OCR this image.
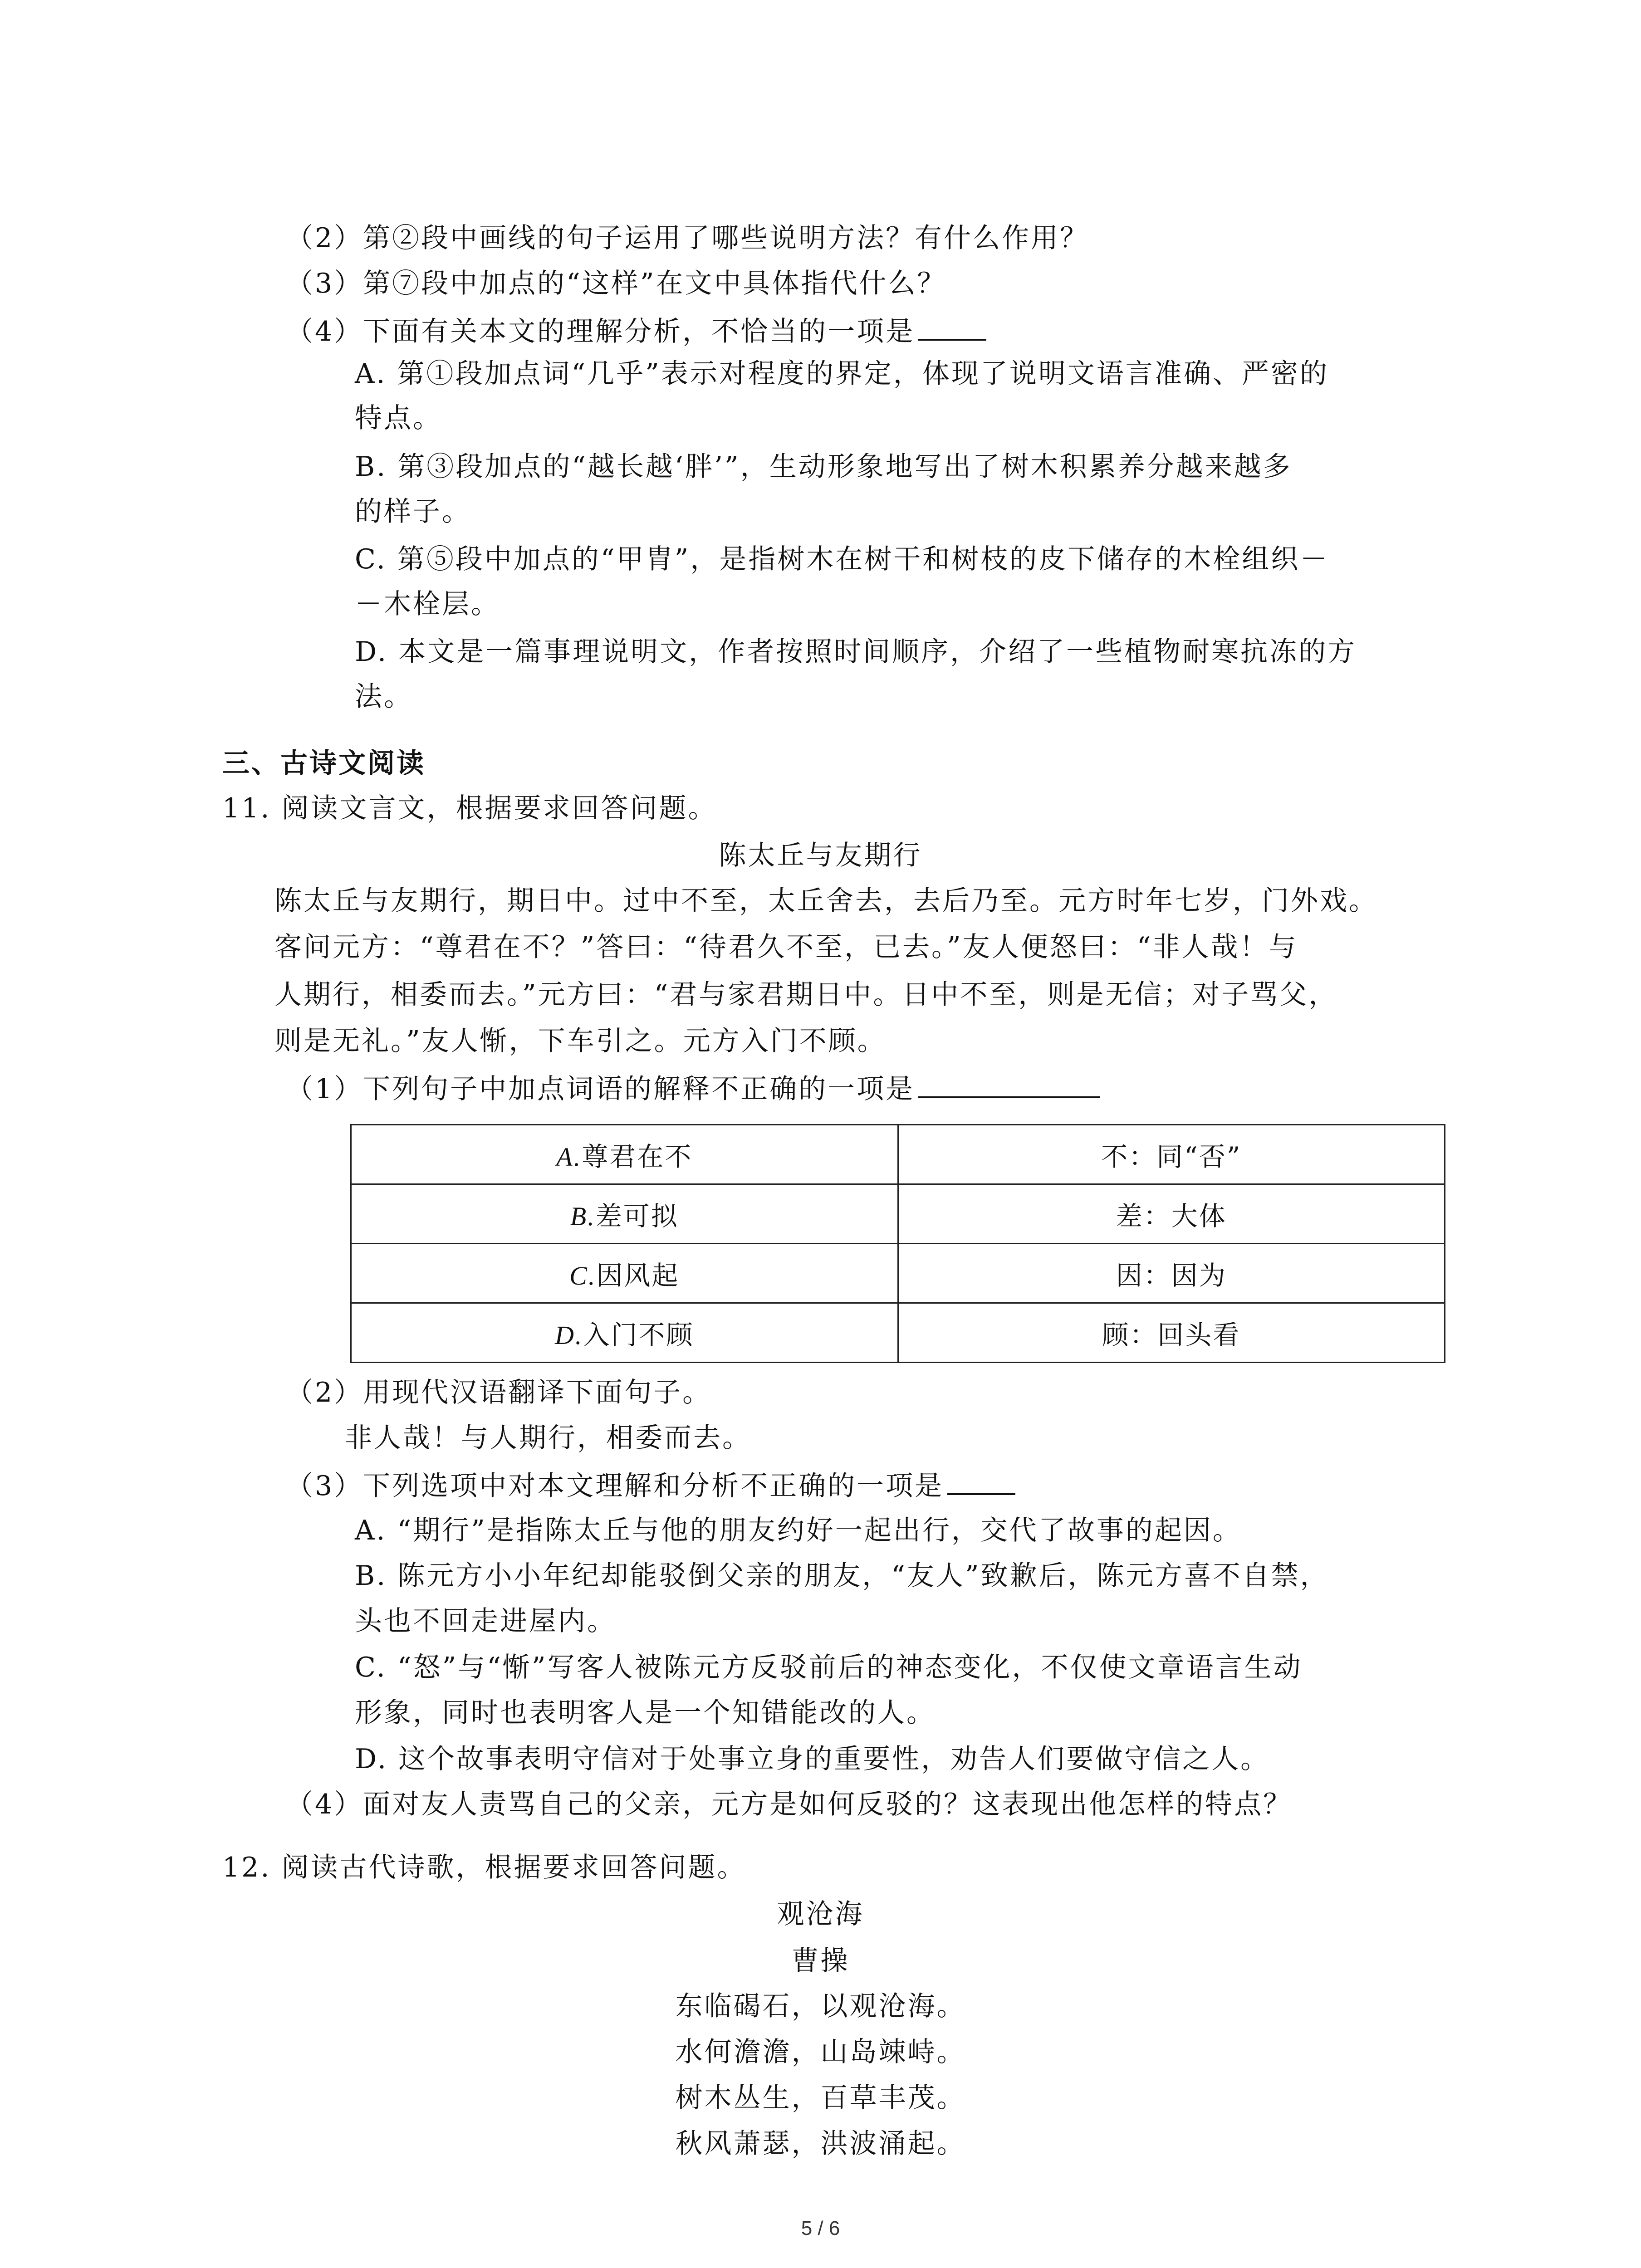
（2）第②段中画线的句子运用了哪些说明方法？有什么作用？
（3）第⑦段中加点的“这样”在文中具体指代什么？
（4）下面有关本文的理解分析，不恰当的一项是
A. 第①段加点词“几乎”表示对程度的界定，体现了说明文语言准确、严密的
特点。
B. 第③段加点的“越长越‘胖’”，生动形象地写出了树木积累养分越来越多
的样子。
C. 第⑤段中加点的“甲胄”，是指树木在树干和树枝的皮下储存的木栓组织－
－木栓层。
D. 本文是一篇事理说明文，作者按照时间顺序，介绍了一些植物耐寒抗冻的方
法。
三、古诗文阅读
11. 阅读文言文，根据要求回答问题。
陈太丘与友期行
陈太丘与友期行，期日中。过中不至，太丘舍去，去后乃至。元方时年七岁，门外戏。
客问元方：“尊君在不？”答曰：“待君久不至，已去。”友人便怒曰：“非人哉！与
人期行，相委而去。”元方曰：“君与家君期日中。日中不至，则是无信；对子骂父，
则是无礼。”友人惭，下车引之。元方入门不顾。
（1）下列句子中加点词语的解释不正确的一项是
A.尊君在不	不：同“否”
B.差可拟	差：大体
C.因风起	因：因为
D.入门不顾	顾：回头看
（2）用现代汉语翻译下面句子。
非人哉！与人期行，相委而去。
（3）下列选项中对本文理解和分析不正确的一项是
A. “期行”是指陈太丘与他的朋友约好一起出行，交代了故事的起因。
B. 陈元方小小年纪却能驳倒父亲的朋友，“友人”致歉后，陈元方喜不自禁，
头也不回走进屋内。
C. “怒”与“惭”写客人被陈元方反驳前后的神态变化，不仅使文章语言生动
形象，同时也表明客人是一个知错能改的人。
D. 这个故事表明守信对于处事立身的重要性，劝告人们要做守信之人。
（4）面对友人责骂自己的父亲，元方是如何反驳的？这表现出他怎样的特点？
12. 阅读古代诗歌，根据要求回答问题。
观沧海
曹操
东临碣石，以观沧海。
水何澹澹，山岛竦峙。
树木丛生，百草丰茂。
秋风萧瑟，洪波涌起。
5 / 6
